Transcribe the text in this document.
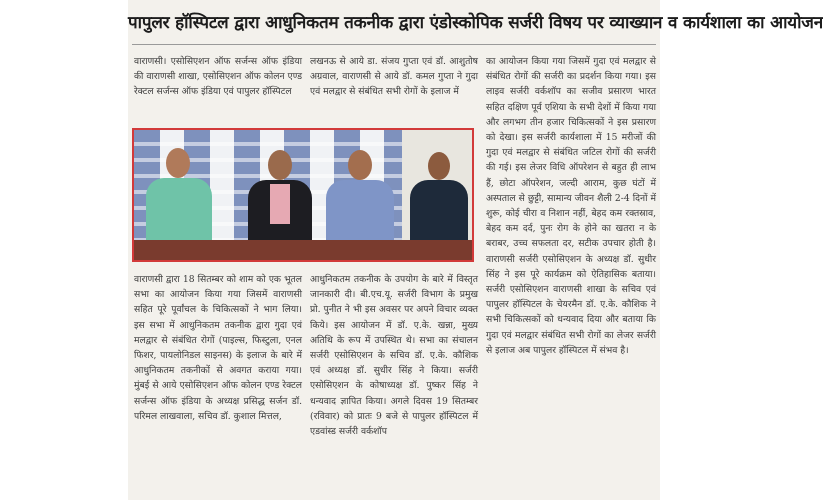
पापुलर हॉस्पिटल द्वारा आधुनिकतम तकनीक द्वारा एंडोस्कोपिक सर्जरी विषय पर व्याख्यान व कार्यशाला का आयोजन

वाराणसी। एसोसिएशन ऑफ सर्जन्स ऑफ इंडिया की वाराणसी शाखा, एसोसिएशन ऑफ कोलन एण्ड रेक्टल सर्जन्स ऑफ इंडिया एवं पापुलर हॉस्पिटल

लखनऊ से आये डा. संजय गुप्ता एवं डॉ. आशुतोष अग्रवाल, वाराणसी से आये डॉ. कमल गुप्ता ने गुदा एवं मलद्वार से संबंधित सभी रोगों के इलाज में

का आयोजन किया गया जिसमें गुदा एवं मलद्वार से संबंधित रोगों की सर्जरी का प्रदर्शन किया गया। इस लाइव सर्जरी वर्कशॉप का सजीव प्रसारण भारत सहित दक्षिण पूर्व एशिया के सभी देशों में किया गया और लगभग तीन हजार चिकित्सकों ने इस प्रसारण को देखा। इस सर्जरी कार्यशाला में 15 मरीजों की गुदा एवं मलद्वार से संबंधित जटिल रोगों की सर्जरी की गई। इस लेजर विधि ऑपरेशन से बहुत ही लाभ हैं, छोटा ऑपरेशन, जल्दी आराम, कुछ घंटों में अस्पताल से छुट्टी, सामान्य जीवन शैली 2-4 दिनों में शुरू, कोई चीरा व निशान नहीं, बेहद कम रक्तस्राव, बेहद कम दर्द, पुनः रोग के होने का खतरा न के बराबर, उच्च सफलता दर, सटीक उपचार होती है। वाराणसी सर्जरी एसोसिएशन के अध्यक्ष डॉ. सुधीर सिंह ने इस पूरे कार्यक्रम को ऐतिहासिक बताया। सर्जरी एसोसिएशन वाराणसी शाखा के सचिव एवं पापुलर हॉस्पिटल के चेयरमैन डॉ. ए.के. कौशिक ने सभी चिकित्सकों को धन्यवाद दिया और बताया कि गुदा एवं मलद्वार संबंधित सभी रोगों का लेजर सर्जरी से इलाज अब पापुलर हॉस्पिटल में संभव है।

वाराणसी द्वारा 18 सितम्बर को शाम को एक भूतल सभा का आयोजन किया गया जिसमें वाराणसी सहित पूरे पूर्वांचल के चिकित्सकों ने भाग लिया। इस सभा में आधुनिकतम तकनीक द्वारा गुदा एवं मलद्वार से संबंधित रोगों (पाइल्स, फिस्टुला, एनल फिशर, पायलोनिडल साइनस) के इलाज के बारे में आधुनिकतम तकनीकों से अवगत कराया गया। मुंबई से आये एसोसिएशन ऑफ कोलन एण्ड रेक्टल सर्जन्स ऑफ इंडिया के अध्यक्ष प्रसिद्ध सर्जन डॉ. परिमल लाखवाला, सचिव डॉ. कुशाल मित्तल,

आधुनिकतम तकनीक के उपयोग के बारे में विस्तृत जानकारी दी। बी.एच.यू. सर्जरी विभाग के प्रमुख प्रो. पुनीत ने भी इस अवसर पर अपने विचार व्यक्त किये। इस आयोजन में डॉ. ए.के. खन्ना, मुख्य अतिथि के रूप में उपस्थित थे। सभा का संचालन सर्जरी एसोसिएशन के सचिव डॉ. ए.के. कौशिक एवं अध्यक्ष डॉ. सुधीर सिंह ने किया। सर्जरी एसोसिएशन के कोषाध्यक्ष डॉ. पुष्कर सिंह ने धन्यवाद ज्ञापित किया। अगले दिवस 19 सितम्बर (रविवार) को प्रातः 9 बजे से पापुलर हॉस्पिटल में एडवांस्ड सर्जरी वर्कशॉप
